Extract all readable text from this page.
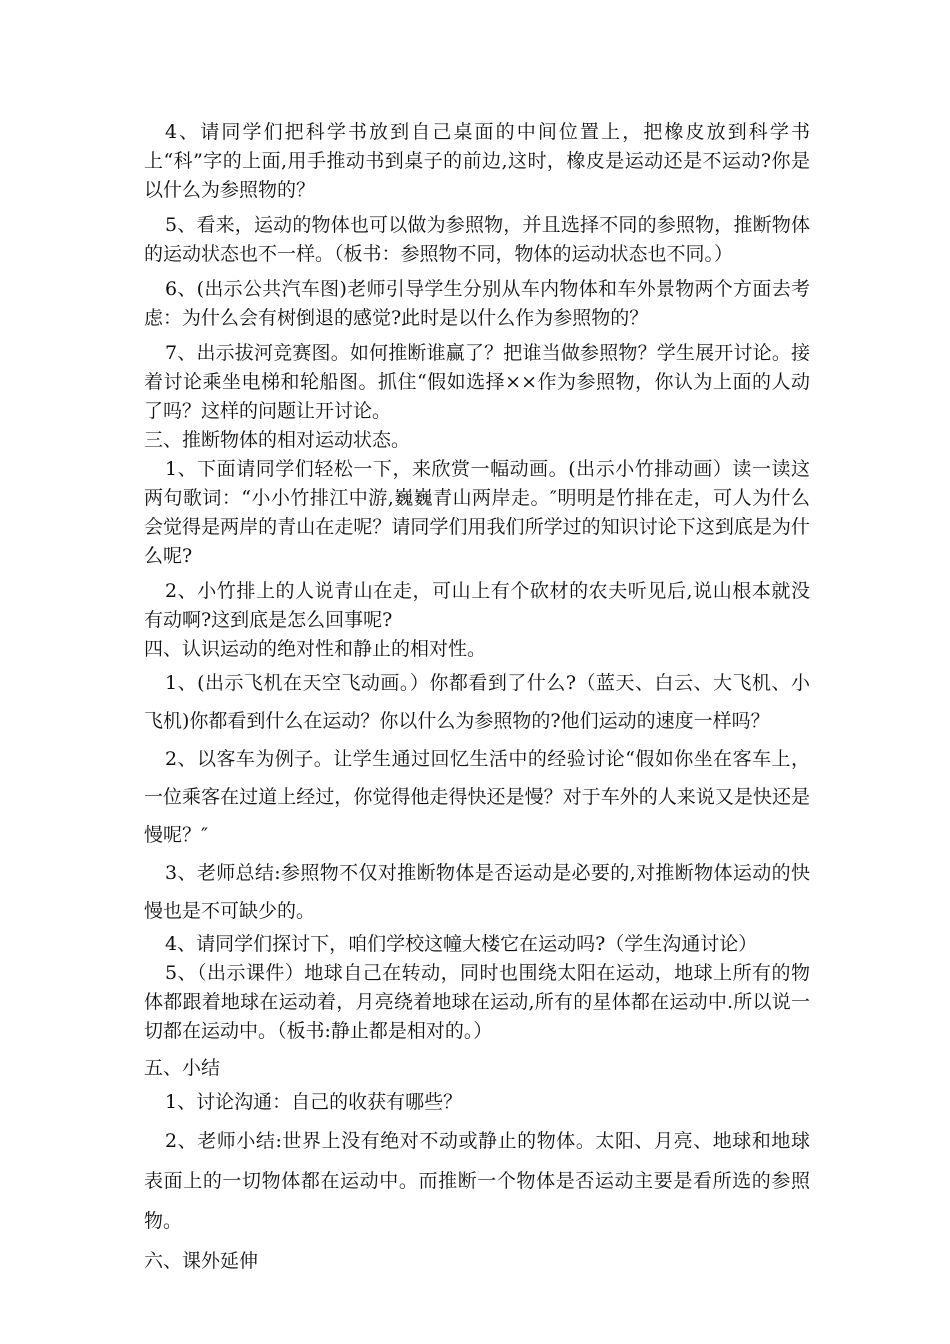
4、请同学们把科学书放到自己桌面的中间位置上，把橡皮放到科学书上“科”字的上面,用手推动书到桌子的前边,这时，橡皮是运动还是不运动?你是以什么为参照物的？

5、看来，运动的物体也可以做为参照物，并且选择不同的参照物，推断物体的运动状态也不一样。（板书：参照物不同，物体的运动状态也不同。）

6、(出示公共汽车图)老师引导学生分别从车内物体和车外景物两个方面去考虑：为什么会有树倒退的感觉?此时是以什么作为参照物的？

7、出示拔河竞赛图。如何推断谁赢了？把谁当做参照物？学生展开讨论。接着讨论乘坐电梯和轮船图。抓住“假如选择××作为参照物，你认为上面的人动了吗？这样的问题让开讨论。

三、推断物体的相对运动状态。

1、下面请同学们轻松一下，来欣赏一幅动画。(出示小竹排动画）读一读这两句歌词：“小小竹排江中游,巍巍青山两岸走。″明明是竹排在走，可人为什么会觉得是两岸的青山在走呢？请同学们用我们所学过的知识讨论下这到底是为什么呢?

2、小竹排上的人说青山在走，可山上有个砍材的农夫听见后,说山根本就没有动啊?这到底是怎么回事呢?

四、认识运动的绝对性和静止的相对性。

1、(出示飞机在天空飞动画。）你都看到了什么?（蓝天、白云、大飞机、小飞机)你都看到什么在运动？你以什么为参照物的?他们运动的速度一样吗？

2、以客车为例子。让学生通过回忆生活中的经验讨论“假如你坐在客车上，一位乘客在过道上经过，你觉得他走得快还是慢？对于车外的人来说又是快还是慢呢？″

3、老师总结:参照物不仅对推断物体是否运动是必要的,对推断物体运动的快慢也是不可缺少的。

4、请同学们探讨下，咱们学校这幢大楼它在运动吗?（学生沟通讨论）

5、（出示课件）地球自己在转动，同时也围绕太阳在运动，地球上所有的物体都跟着地球在运动着，月亮绕着地球在运动,所有的星体都在运动中.所以说一切都在运动中。（板书:静止都是相对的。）

五、小结

1、讨论沟通：自己的收获有哪些？

2、老师小结:世界上没有绝对不动或静止的物体。太阳、月亮、地球和地球表面上的一切物体都在运动中。而推断一个物体是否运动主要是看所选的参照物。

六、课外延伸
